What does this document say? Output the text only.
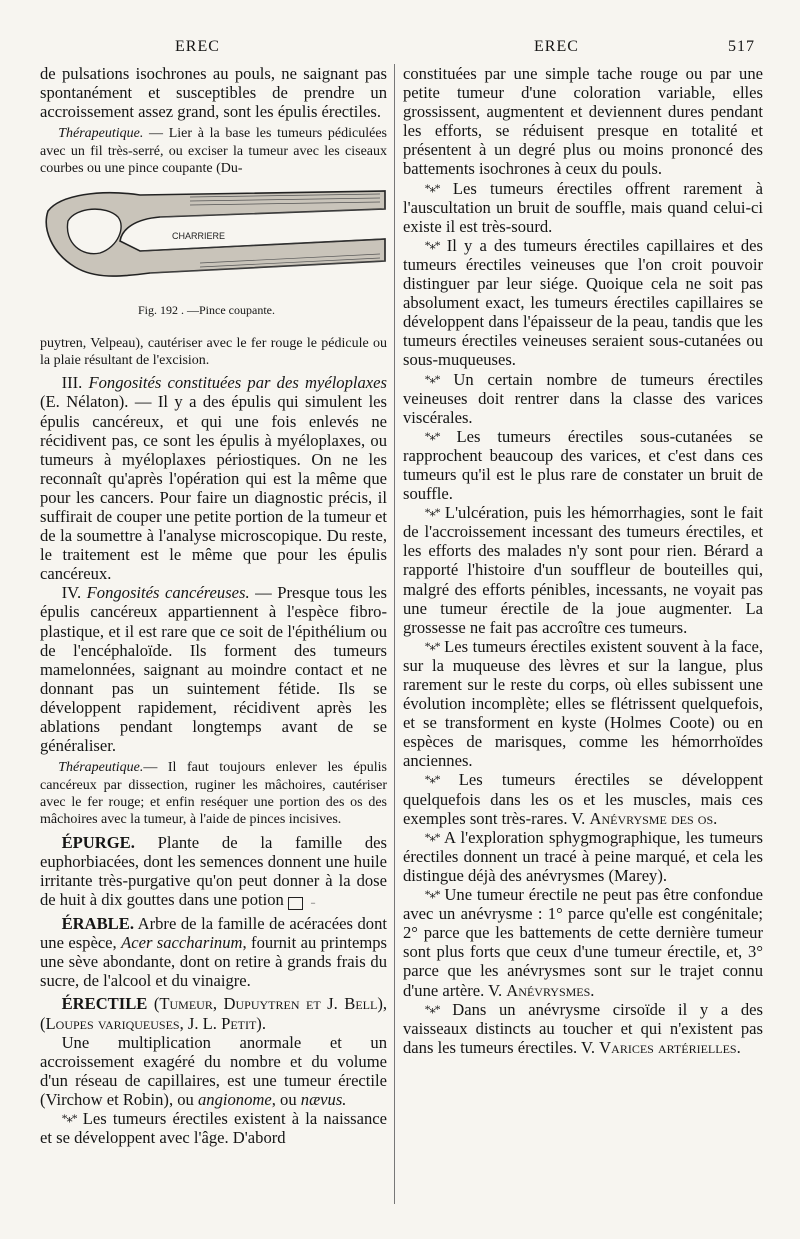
EREC	EREC	517

de pulsations isochrones au pouls, ne saignant pas spontanément et susceptibles de prendre un accroissement assez grand, sont les épulis érectiles.

Thérapeutique. — Lier à la base les tumeurs pédiculées avec un fil très-serré, ou exciser la tumeur avec les ciseaux courbes ou une pince coupante (Du-

CHARRIERE
Fig. 192 . —Pince coupante.

puytren, Velpeau), cautériser avec le fer rouge le pédicule ou la plaie résultant de l'excision.

III. Fongosités constituées par des myéloplaxes (E. Nélaton). — Il y a des épulis qui simulent les épulis cancéreux, et qui une fois enlevés ne récidivent pas, ce sont les épulis à myéloplaxes, ou tumeurs à myéloplaxes périostiques. On ne les reconnaît qu'après l'opération qui est la même que pour les cancers. Pour faire un diagnostic précis, il suffirait de couper une petite portion de la tumeur et de la soumettre à l'analyse microscopique. Du reste, le traitement est le même que pour les épulis cancéreux.

IV. Fongosités cancéreuses. — Presque tous les épulis cancéreux appartiennent à l'espèce fibro-plastique, et il est rare que ce soit de l'épithélium ou de l'encéphaloïde. Ils forment des tumeurs mamelonnées, saignant au moindre contact et ne donnant pas un suintement fétide. Ils se développent rapidement, récidivent après les ablations pendant longtemps avant de se généraliser.

Thérapeutique.— Il faut toujours enlever les épulis cancéreux par dissection, ruginer les mâchoires, cautériser avec le fer rouge; et enfin reséquer une portion des os des mâchoires avec la tumeur, à l'aide de pinces incisives.

ÉPURGE. Plante de la famille des euphorbiacées, dont les semences donnent une huile irritante très-purgative qu'on peut donner à la dose de huit à dix gouttes dans une potion	−

ÉRABLE. Arbre de la famille de acéracées dont une espèce, Acer saccharinum, fournit au printemps une sève abondante, dont on retire à grands frais du sucre, de l'alcool et du vinaigre.

ÉRECTILE (Tumeur, Dupuytren et J. Bell), (Loupes variqueuses, J. L. Petit).

Une multiplication anormale et un accroissement exagéré du nombre et du volume d'un réseau de capillaires, est une tumeur érectile (Virchow et Robin), ou angionome, ou nævus.

*⁎* Les tumeurs érectiles existent à la naissance et se développent avec l'âge. D'abord

constituées par une simple tache rouge ou par une petite tumeur d'une coloration variable, elles grossissent, augmentent et deviennent dures pendant les efforts, se réduisent presque en totalité et présentent à un degré plus ou moins prononcé des battements isochrones à ceux du pouls.

*⁎* Les tumeurs érectiles offrent rarement à l'auscultation un bruit de souffle, mais quand celui-ci existe il est très-sourd.

*⁎* Il y a des tumeurs érectiles capillaires et des tumeurs érectiles veineuses que l'on croit pouvoir distinguer par leur siége. Quoique cela ne soit pas absolument exact, les tumeurs érectiles capillaires se développent dans l'épaisseur de la peau, tandis que les tumeurs érectiles veineuses seraient sous-cutanées ou sous-muqueuses.

*⁎* Un certain nombre de tumeurs érectiles veineuses doit rentrer dans la classe des varices viscérales.

*⁎* Les tumeurs érectiles sous-cutanées se rapprochent beaucoup des varices, et c'est dans ces tumeurs qu'il est le plus rare de constater un bruit de souffle.

*⁎* L'ulcération, puis les hémorrhagies, sont le fait de l'accroissement incessant des tumeurs érectiles, et les efforts des malades n'y sont pour rien. Bérard a rapporté l'histoire d'un souffleur de bouteilles qui, malgré des efforts pénibles, incessants, ne voyait pas une tumeur érectile de la joue augmenter. La grossesse ne fait pas accroître ces tumeurs.

*⁎* Les tumeurs érectiles existent souvent à la face, sur la muqueuse des lèvres et sur la langue, plus rarement sur le reste du corps, où elles subissent une évolution incomplète; elles se flétrissent quelquefois, et se transforment en kyste (Holmes Coote) ou en espèces de marisques, comme les hémorrhoïdes anciennes.

*⁎* Les tumeurs érectiles se développent quelquefois dans les os et les muscles, mais ces exemples sont très-rares. V. Anévrysme des os.

*⁎* A l'exploration sphygmographique, les tumeurs érectiles donnent un tracé à peine marqué, et cela les distingue déjà des anévrysmes (Marey).

*⁎* Une tumeur érectile ne peut pas être confondue avec un anévrysme : 1° parce qu'elle est congénitale; 2° parce que les battements de cette dernière tumeur sont plus forts que ceux d'une tumeur érectile, et, 3° parce que les anévrysmes sont sur le trajet connu d'une artère. V. Anévrysmes.

*⁎* Dans un anévrysme cirsoïde il y a des vaisseaux distincts au toucher et qui n'existent pas dans les tumeurs érectiles. V. Varices artérielles.
